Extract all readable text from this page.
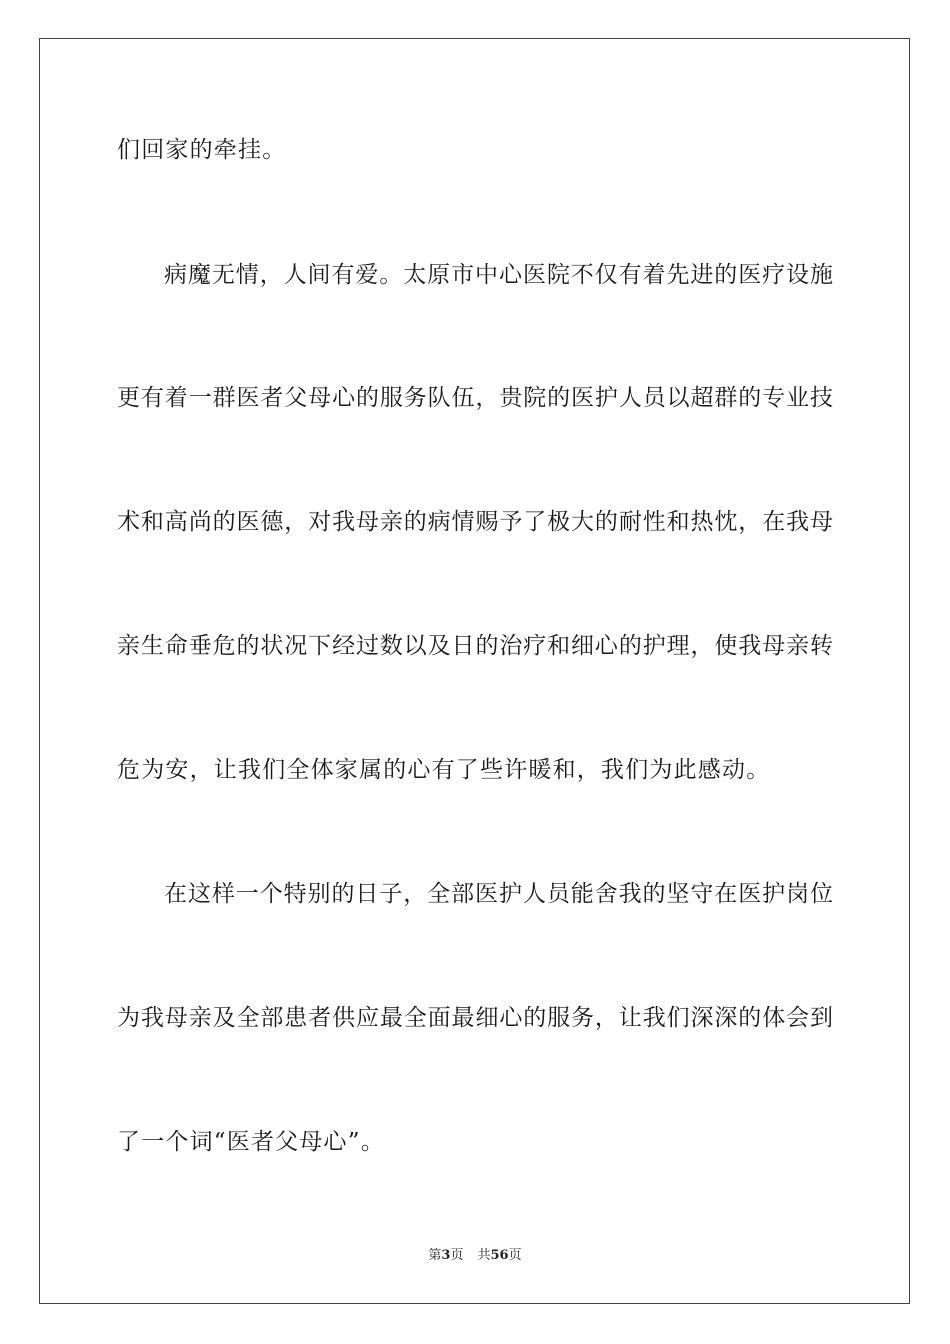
们回家的牵挂。
病魔无情，人间有爱。太原市中心医院不仅有着先进的医疗设施
更有着一群医者父母心的服务队伍，贵院的医护人员以超群的专业技
术和高尚的医德，对我母亲的病情赐予了极大的耐性和热忱，在我母
亲生命垂危的状况下经过数以及日的治疗和细心的护理，使我母亲转
危为安，让我们全体家属的心有了些许暖和，我们为此感动。
在这样一个特别的日子，全部医护人员能舍我的坚守在医护岗位
为我母亲及全部患者供应最全面最细心的服务，让我们深深的体会到
了一个词“医者父母心”。
第3页 共56页
